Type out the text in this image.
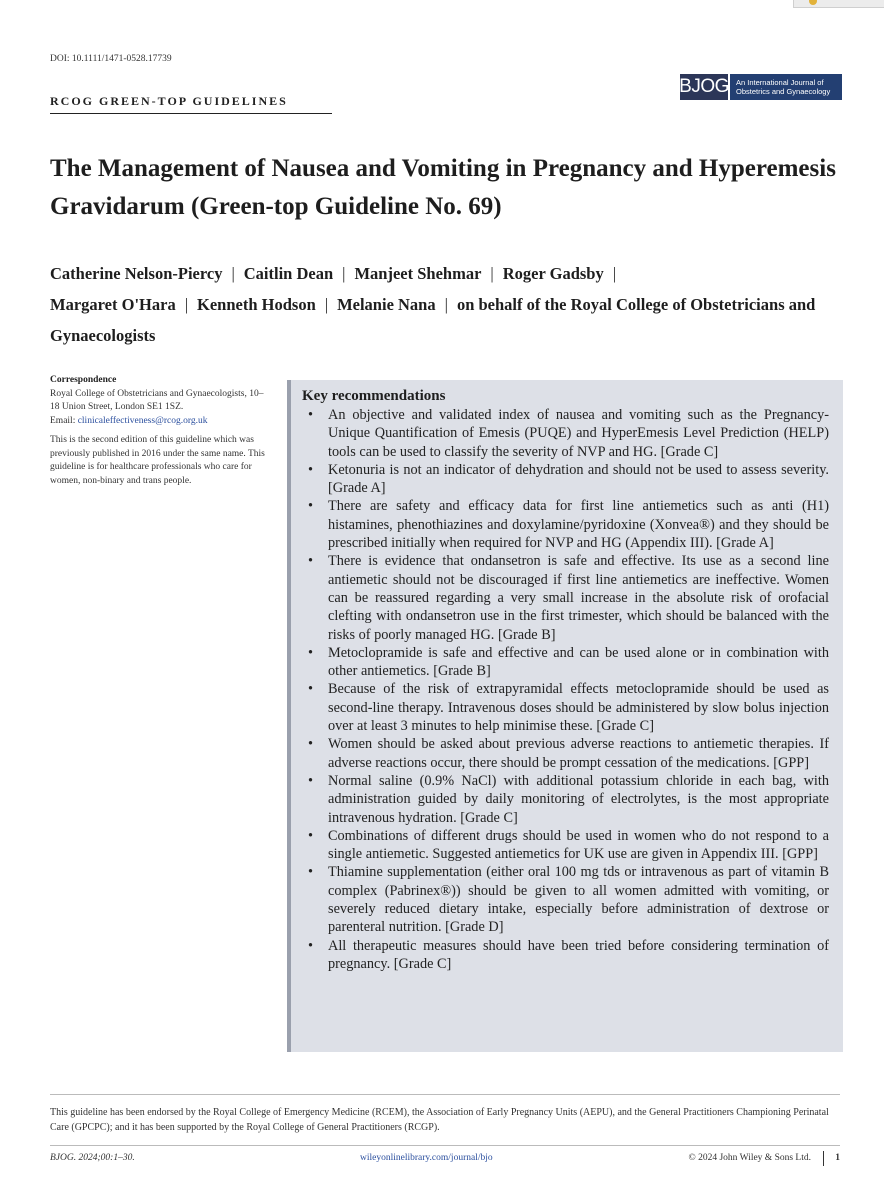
DOI: 10.1111/1471-0528.17739
RCOG GREEN-TOP GUIDELINES
BJOG An International Journal of
Obstetrics and Gynaecology
The Management of Nausea and Vomiting in Pregnancy and Hyperemesis Gravidarum (Green-top Guideline No. 69)
Catherine Nelson-Piercy | Caitlin Dean | Manjeet Shehmar | Roger Gadsby |
Margaret O'Hara | Kenneth Hodson | Melanie Nana | on behalf of the Royal College of Obstetricians and Gynaecologists
Correspondence
Royal College of Obstetricians and Gynaecologists, 10–18 Union Street, London SE1 1SZ.
Email: clinicaleffectiveness@rcog.org.uk
This is the second edition of this guideline which was previously published in 2016 under the same name. This guideline is for healthcare professionals who care for women, non-binary and trans people.
Key recommendations
• An objective and validated index of nausea and vomiting such as the Pregnancy-Unique Quantification of Emesis (PUQE) and HyperEmesis Level Prediction (HELP) tools can be used to classify the severity of NVP and HG. [Grade C]
• Ketonuria is not an indicator of dehydration and should not be used to assess severity. [Grade A]
• There are safety and efficacy data for first line antiemetics such as anti (H1) histamines, phenothiazines and doxylamine/pyridoxine (Xonvea®) and they should be prescribed initially when required for NVP and HG (Appendix III). [Grade A]
• There is evidence that ondansetron is safe and effective. Its use as a second line antiemetic should not be discouraged if first line antiemetics are ineffective. Women can be reassured regarding a very small increase in the absolute risk of orofacial clefting with ondansetron use in the first trimester, which should be balanced with the risks of poorly managed HG. [Grade B]
• Metoclopramide is safe and effective and can be used alone or in combination with other antiemetics. [Grade B]
• Because of the risk of extrapyramidal effects metoclopramide should be used as second-line therapy. Intravenous doses should be administered by slow bolus injection over at least 3 minutes to help minimise these. [Grade C]
• Women should be asked about previous adverse reactions to antiemetic therapies. If adverse reactions occur, there should be prompt cessation of the medications. [GPP]
• Normal saline (0.9% NaCl) with additional potassium chloride in each bag, with administration guided by daily monitoring of electrolytes, is the most appropriate intravenous hydration. [Grade C]
• Combinations of different drugs should be used in women who do not respond to a single antiemetic. Suggested antiemetics for UK use are given in Appendix III. [GPP]
• Thiamine supplementation (either oral 100 mg tds or intravenous as part of vitamin B complex (Pabrinex®)) should be given to all women admitted with vomiting, or severely reduced dietary intake, especially before administration of dextrose or parenteral nutrition. [Grade D]
• All therapeutic measures should have been tried before considering termination of pregnancy. [Grade C]
This guideline has been endorsed by the Royal College of Emergency Medicine (RCEM), the Association of Early Pregnancy Units (AEPU), and the General Practitioners Championing Perinatal Care (GPCPC); and it has been supported by the Royal College of General Practitioners (RCGP).
BJOG. 2024;00:1–30.	wileyonlinelibrary.com/journal/bjo	© 2024 John Wiley & Sons Ltd.	1
